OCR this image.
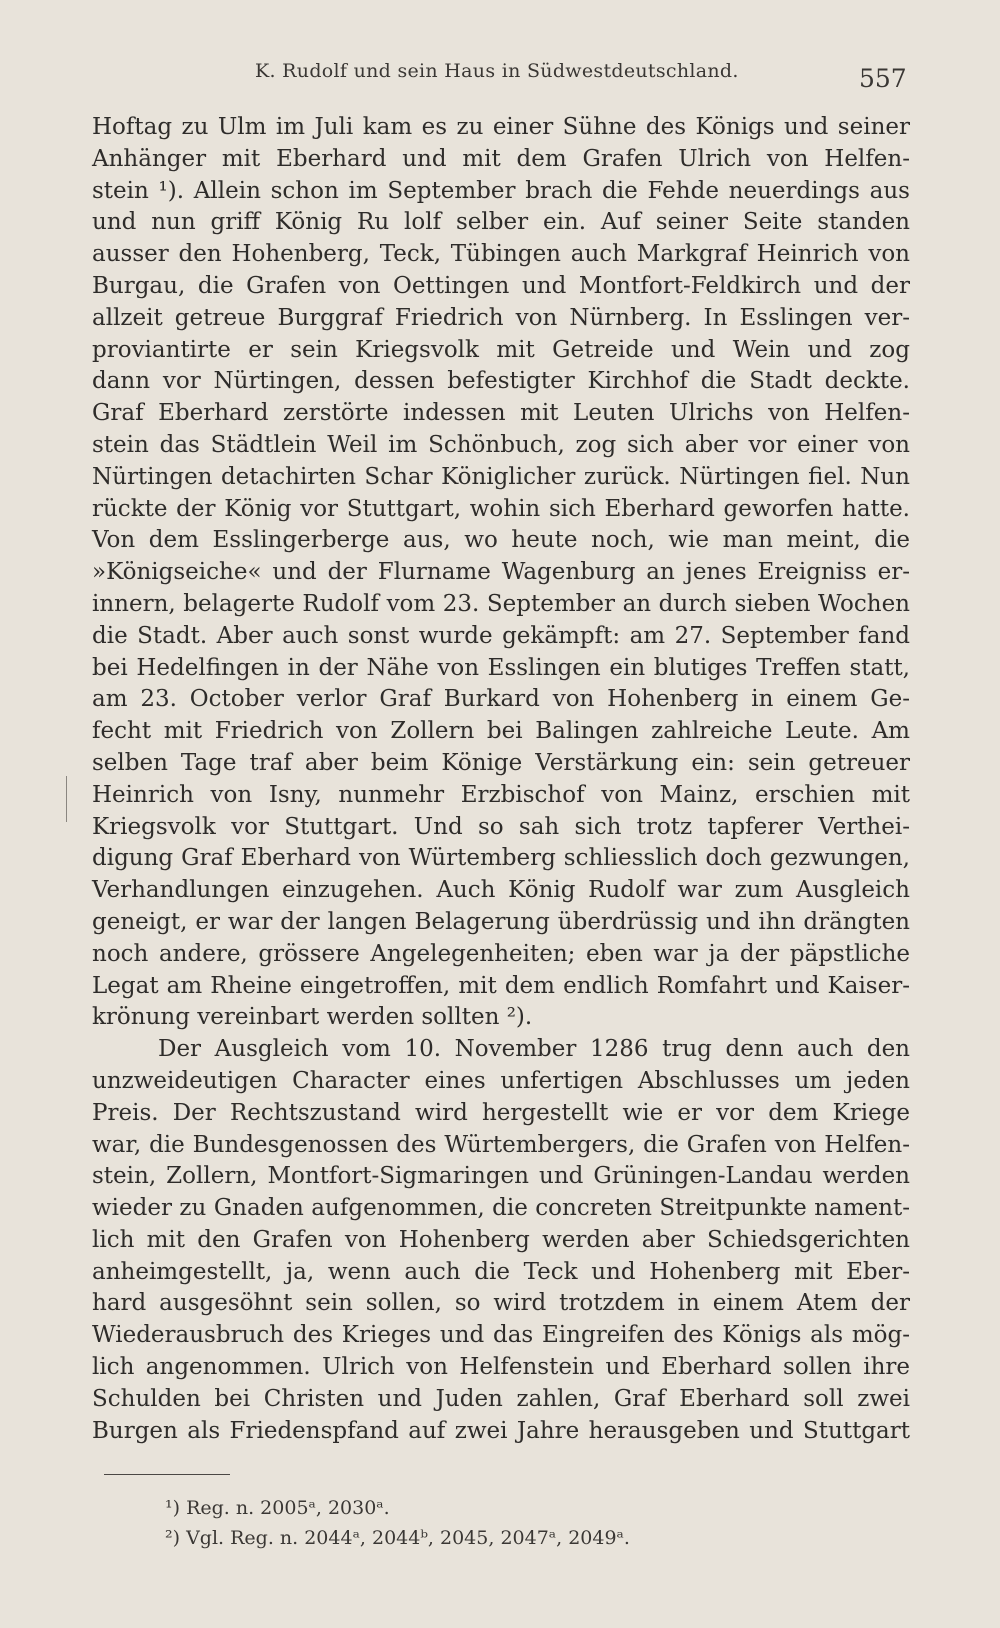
K. Rudolf und sein Haus in Südwestdeutschland.	557
Hoftag zu Ulm im Juli kam es zu einer Sühne des Königs und seiner
Anhänger mit Eberhard und mit dem Grafen Ulrich von Helfen-
stein ¹). Allein schon im September brach die Fehde neuerdings aus
und nun griff König Ru lolf selber ein. Auf seiner Seite standen
ausser den Hohenberg, Teck, Tübingen auch Markgraf Heinrich von
Burgau, die Grafen von Oettingen und Montfort-Feldkirch und der
allzeit getreue Burggraf Friedrich von Nürnberg. In Esslingen ver-
proviantirte er sein Kriegsvolk mit Getreide und Wein und zog
dann vor Nürtingen, dessen befestigter Kirchhof die Stadt deckte.
Graf Eberhard zerstörte indessen mit Leuten Ulrichs von Helfen-
stein das Städtlein Weil im Schönbuch, zog sich aber vor einer von
Nürtingen detachirten Schar Königlicher zurück. Nürtingen fiel. Nun
rückte der König vor Stuttgart, wohin sich Eberhard geworfen hatte.
Von dem Esslingerberge aus, wo heute noch, wie man meint, die
»Königseiche« und der Flurname Wagenburg an jenes Ereigniss er-
innern, belagerte Rudolf vom 23. September an durch sieben Wochen
die Stadt. Aber auch sonst wurde gekämpft: am 27. September fand
bei Hedelfingen in der Nähe von Esslingen ein blutiges Treffen statt,
am 23. October verlor Graf Burkard von Hohenberg in einem Ge-
fecht mit Friedrich von Zollern bei Balingen zahlreiche Leute. Am
selben Tage traf aber beim Könige Verstärkung ein: sein getreuer
Heinrich von Isny, nunmehr Erzbischof von Mainz, erschien mit
Kriegsvolk vor Stuttgart. Und so sah sich trotz tapferer Verthei-
digung Graf Eberhard von Würtemberg schliesslich doch gezwungen,
Verhandlungen einzugehen. Auch König Rudolf war zum Ausgleich
geneigt, er war der langen Belagerung überdrüssig und ihn drängten
noch andere, grössere Angelegenheiten; eben war ja der päpstliche
Legat am Rheine eingetroffen, mit dem endlich Romfahrt und Kaiser-
krönung vereinbart werden sollten ²).
Der Ausgleich vom 10. November 1286 trug denn auch den
unzweideutigen Character eines unfertigen Abschlusses um jeden
Preis. Der Rechtszustand wird hergestellt wie er vor dem Kriege
war, die Bundesgenossen des Würtembergers, die Grafen von Helfen-
stein, Zollern, Montfort-Sigmaringen und Grüningen-Landau werden
wieder zu Gnaden aufgenommen, die concreten Streitpunkte nament-
lich mit den Grafen von Hohenberg werden aber Schiedsgerichten
anheimgestellt, ja, wenn auch die Teck und Hohenberg mit Eber-
hard ausgesöhnt sein sollen, so wird trotzdem in einem Atem der
Wiederausbruch des Krieges und das Eingreifen des Königs als mög-
lich angenommen. Ulrich von Helfenstein und Eberhard sollen ihre
Schulden bei Christen und Juden zahlen, Graf Eberhard soll zwei
Burgen als Friedenspfand auf zwei Jahre herausgeben und Stuttgart
¹) Reg. n. 2005ᵃ, 2030ᵃ.
²) Vgl. Reg. n. 2044ᵃ, 2044ᵇ, 2045, 2047ᵃ, 2049ᵃ.
